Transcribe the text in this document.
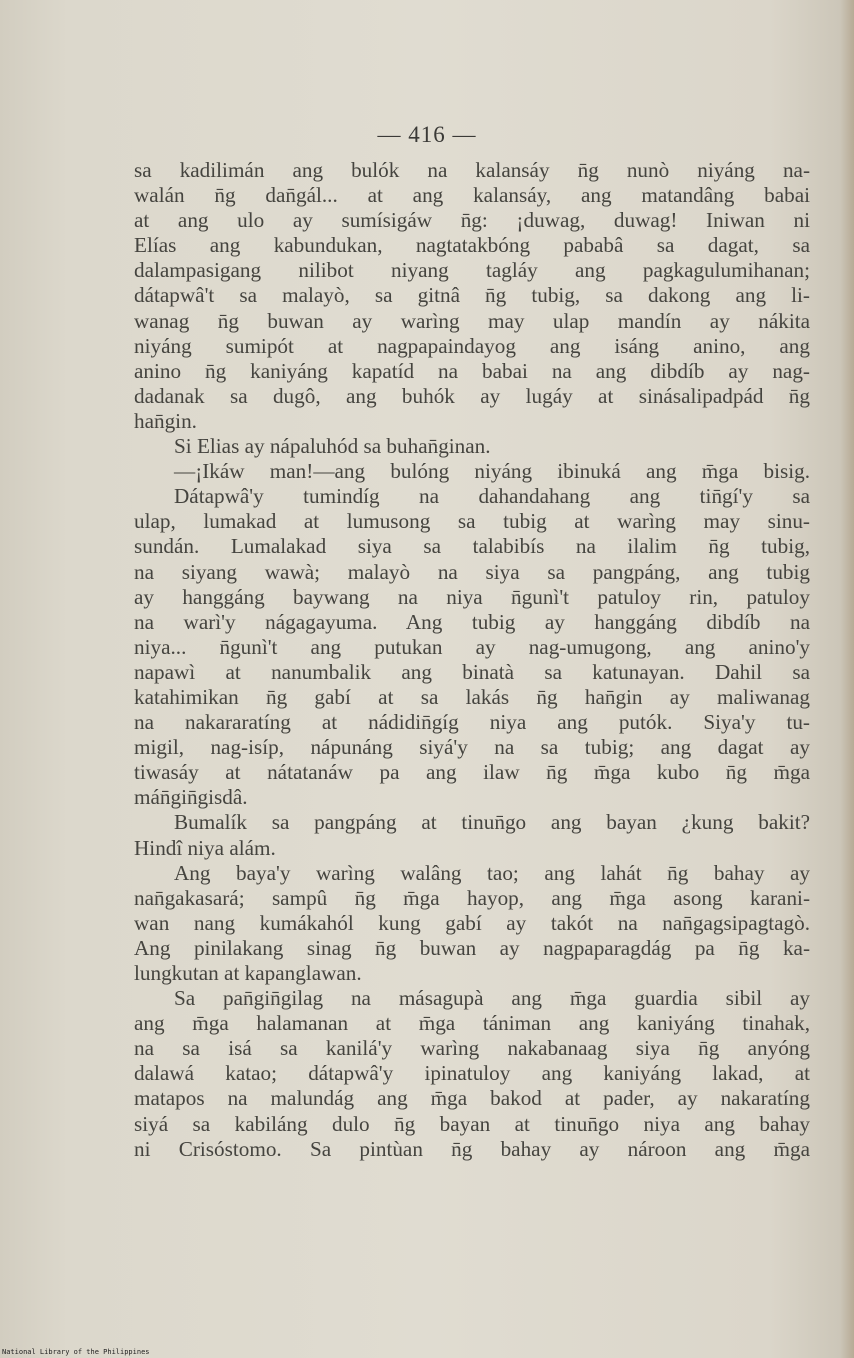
— 416 —
sa kadilimán ang bulók na kalansáy n̄g nunò niyáng na-
walán n̄g dan̄gál... at ang kalansáy, ang matandâng babai
at ang ulo ay sumísigáw n̄g: ¡duwag, duwag! Iniwan ni
Elías ang kabundukan, nagtatakbóng pababâ sa dagat, sa
dalampasigang nilibot niyang tagláy ang pagkagulumihanan;
dátapwâ't sa malayò, sa gitnâ n̄g tubig, sa dakong ang li-
wanag n̄g buwan ay warìng may ulap mandín ay nákita
niyáng sumipót at nagpapaindayog ang isáng anino, ang
anino n̄g kaniyáng kapatíd na babai na ang dibdíb ay nag-
dadanak sa dugô, ang buhók ay lugáy at sinásalipadpád n̄g
han̄gin.
Si Elias ay nápaluhód sa buhan̄ginan.
—¡Ikáw man!—ang bulóng niyáng ibinuká ang m̄ga bisig.
Dátapwâ'y tumindíg na dahandahang ang tin̄gí'y sa
ulap, lumakad at lumusong sa tubig at warìng may sinu-
sundán. Lumalakad siya sa talabibís na ilalim n̄g tubig,
na siyang wawà; malayò na siya sa pangpáng, ang tubig
ay hanggáng baywang na niya n̄gunì't patuloy rin, patuloy
na warì'y nágagayuma. Ang tubig ay hanggáng dibdíb na
niya... n̄gunì't ang putukan ay nag-umugong, ang anino'y
napawì at nanumbalik ang binatà sa katunayan. Dahil sa
katahimikan n̄g gabí at sa lakás n̄g han̄gin ay maliwanag
na nakararatíng at nádidin̄gíg niya ang putók. Siya'y tu-
migil, nag-isíp, nápunáng siyá'y na sa tubig; ang dagat ay
tiwasáy at nátatanáw pa ang ilaw n̄g m̄ga kubo n̄g m̄ga
mán̄gin̄gisdâ.
Bumalík sa pangpáng at tinun̄go ang bayan ¿kung bakit?
Hindî niya alám.
Ang baya'y warìng walâng tao; ang lahát n̄g bahay ay
nan̄gakasará; sampû n̄g m̄ga hayop, ang m̄ga asong karani-
wan nang kumákahól kung gabí ay takót na nan̄gagsipagtagò.
Ang pinilakang sinag n̄g buwan ay nagpaparagdág pa n̄g ka-
lungkutan at kapanglawan.
Sa pan̄gin̄gilag na másagupà ang m̄ga guardia sibil ay
ang m̄ga halamanan at m̄ga tániman ang kaniyáng tinahak,
na sa isá sa kanilá'y warìng nakabanaag siya n̄g anyóng
dalawá katao; dátapwâ'y ipinatuloy ang kaniyáng lakad, at
matapos na malundág ang m̄ga bakod at pader, ay nakaratíng
siyá sa kabiláng dulo n̄g bayan at tinun̄go niya ang bahay
ni Crisóstomo. Sa pintùan n̄g bahay ay nároon ang m̄ga
National Library of the Philippines
